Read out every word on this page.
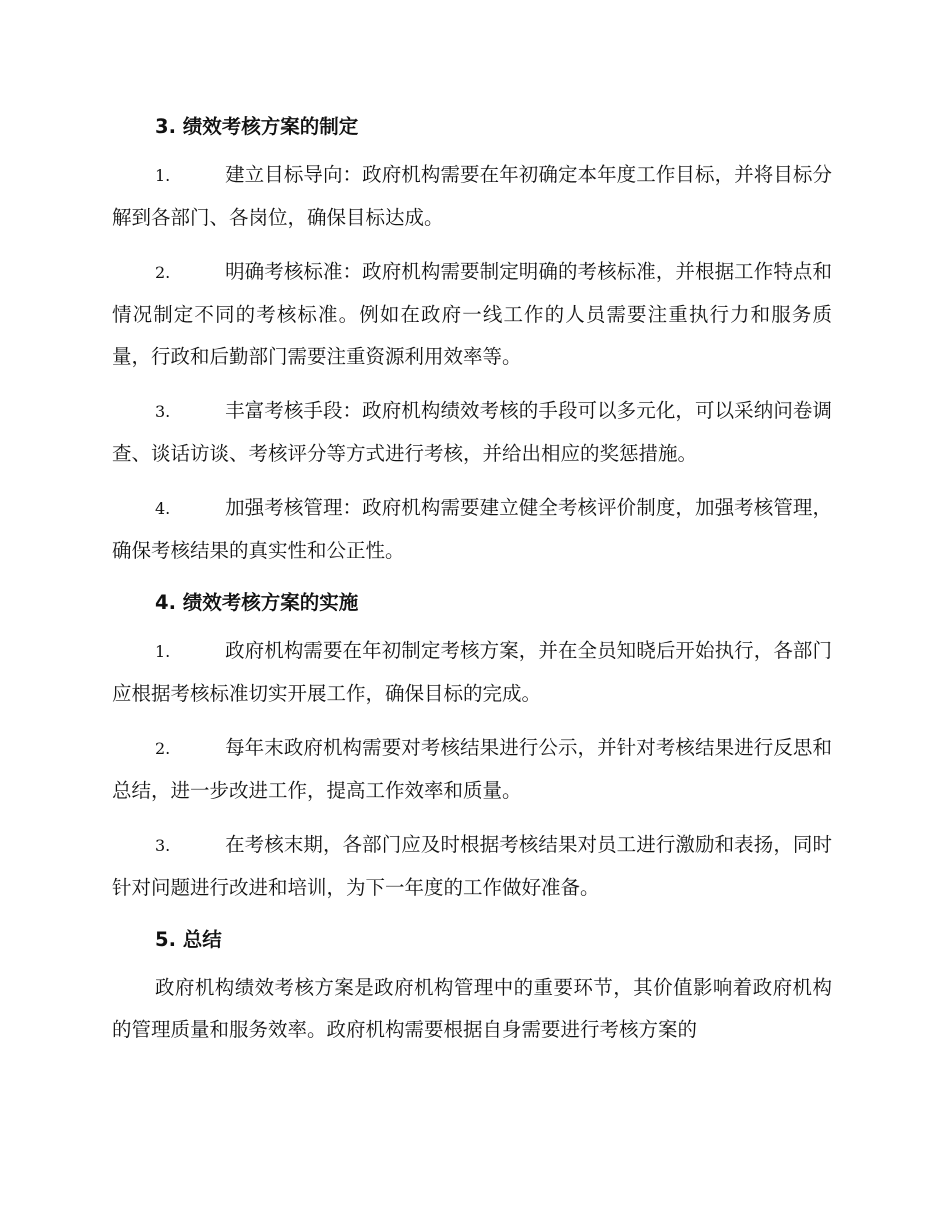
3. 绩效考核方案的制定

1.	建立目标导向：政府机构需要在年初确定本年度工作目标，并将目标分解到各部门、各岗位，确保目标达成。

2.	明确考核标准：政府机构需要制定明确的考核标准，并根据工作特点和情况制定不同的考核标准。例如在政府一线工作的人员需要注重执行力和服务质量，行政和后勤部门需要注重资源利用效率等。

3.	丰富考核手段：政府机构绩效考核的手段可以多元化，可以采纳问卷调查、谈话访谈、考核评分等方式进行考核，并给出相应的奖惩措施。

4.	加强考核管理：政府机构需要建立健全考核评价制度，加强考核管理，确保考核结果的真实性和公正性。

4. 绩效考核方案的实施

1.	政府机构需要在年初制定考核方案，并在全员知晓后开始执行，各部门应根据考核标准切实开展工作，确保目标的完成。

2.	每年末政府机构需要对考核结果进行公示，并针对考核结果进行反思和总结，进一步改进工作，提高工作效率和质量。

3.	在考核末期，各部门应及时根据考核结果对员工进行激励和表扬，同时针对问题进行改进和培训，为下一年度的工作做好准备。

5. 总结

政府机构绩效考核方案是政府机构管理中的重要环节，其价值影响着政府机构的管理质量和服务效率。政府机构需要根据自身需要进行考核方案的
